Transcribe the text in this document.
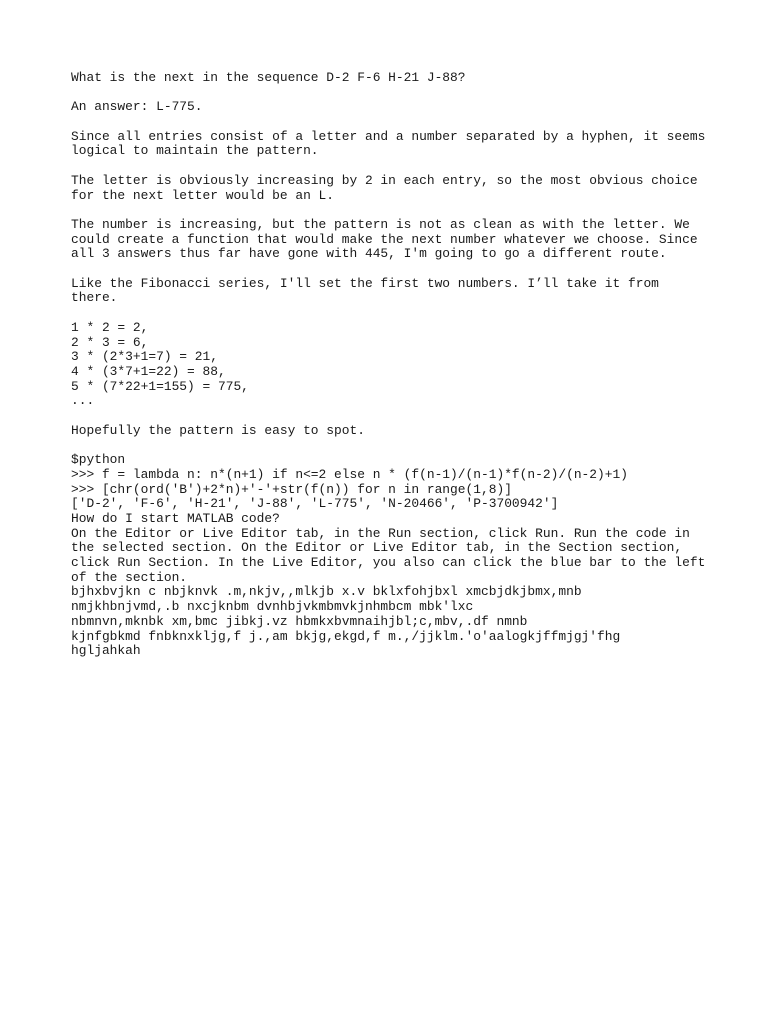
What is the next in the sequence D-2 F-6 H-21 J-88?

An answer: L-775.

Since all entries consist of a letter and a number separated by a hyphen, it seems logical to maintain the pattern.

The letter is obviously increasing by 2 in each entry, so the most obvious choice for the next letter would be an L.

The number is increasing, but the pattern is not as clean as with the letter. We could create a function that would make the next number whatever we choose. Since all 3 answers thus far have gone with 445, I'm going to go a different route.

Like the Fibonacci series, I'll set the first two numbers. I’ll take it from there.

1 * 2 = 2,
2 * 3 = 6,
3 * (2*3+1=7) = 21,
4 * (3*7+1=22) = 88,
5 * (7*22+1=155) = 775,
...

Hopefully the pattern is easy to spot.

$python
>>> f = lambda n: n*(n+1) if n<=2 else n * (f(n-1)/(n-1)*f(n-2)/(n-2)+1)
>>> [chr(ord('B')+2*n)+'-'+str(f(n)) for n in range(1,8)]
['D-2', 'F-6', 'H-21', 'J-88', 'L-775', 'N-20466', 'P-3700942']
How do I start MATLAB code?
On the Editor or Live Editor tab, in the Run section, click Run. Run the code in the selected section. On the Editor or Live Editor tab, in the Section section, click Run Section. In the Live Editor, you also can click the blue bar to the left of the section.
bjhxbvjkn c nbjknvk .m,nkjv,,mlkjb x.v bklxfohjbxl xmcbjdkjbmx,mnb
nmjkhbnjvmd,.b nxcjknbm dvnhbjvkmbmvkjnhmbcm mbk'lxc
nbmnvn,mknbk xm,bmc jibkj.vz hbmkxbvmnaihjbl;c,mbv,.df nmnb
kjnfgbkmd fnbknxkljg,f j.,am bkjg,ekgd,f m.,/jjklm.'o'aalogkjffmjgj'fhg
hgljahkah
